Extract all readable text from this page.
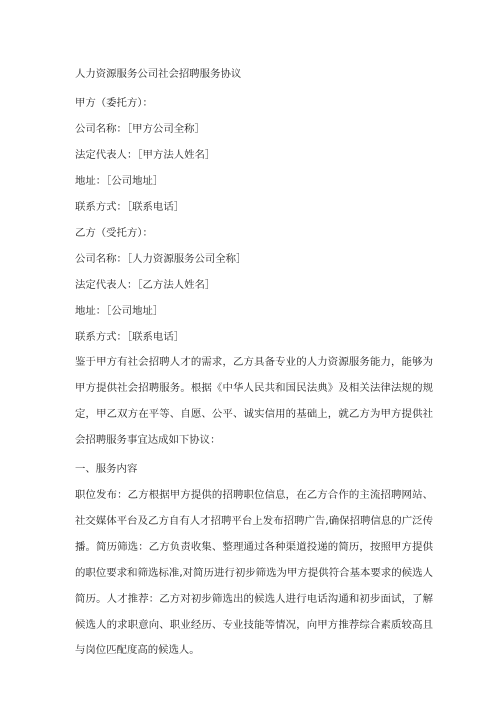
人力资源服务公司社会招聘服务协议
甲方（委托方）：
公司名称：［甲方公司全称］
法定代表人：［甲方法人姓名］
地址：［公司地址］
联系方式：［联系电话］
乙方（受托方）：
公司名称：［人力资源服务公司全称］
法定代表人：［乙方法人姓名］
地址：［公司地址］
联系方式：［联系电话］
鉴于甲方有社会招聘人才的需求，乙方具备专业的人力资源服务能力，能够为甲方提供社会招聘服务。根据《中华人民共和国民法典》及相关法律法规的规定，甲乙双方在平等、自愿、公平、诚实信用的基础上，就乙方为甲方提供社会招聘服务事宜达成如下协议：
一、服务内容
职位发布：乙方根据甲方提供的招聘职位信息，在乙方合作的主流招聘网站、社交媒体平台及乙方自有人才招聘平台上发布招聘广告,确保招聘信息的广泛传播。简历筛选：乙方负责收集、整理通过各种渠道投递的简历，按照甲方提供的职位要求和筛选标准,对简历进行初步筛选为甲方提供符合基本要求的候选人简历。人才推荐：乙方对初步筛选出的候选人进行电话沟通和初步面试，了解候选人的求职意向、职业经历、专业技能等情况，向甲方推荐综合素质较高且与岗位匹配度高的候选人。
